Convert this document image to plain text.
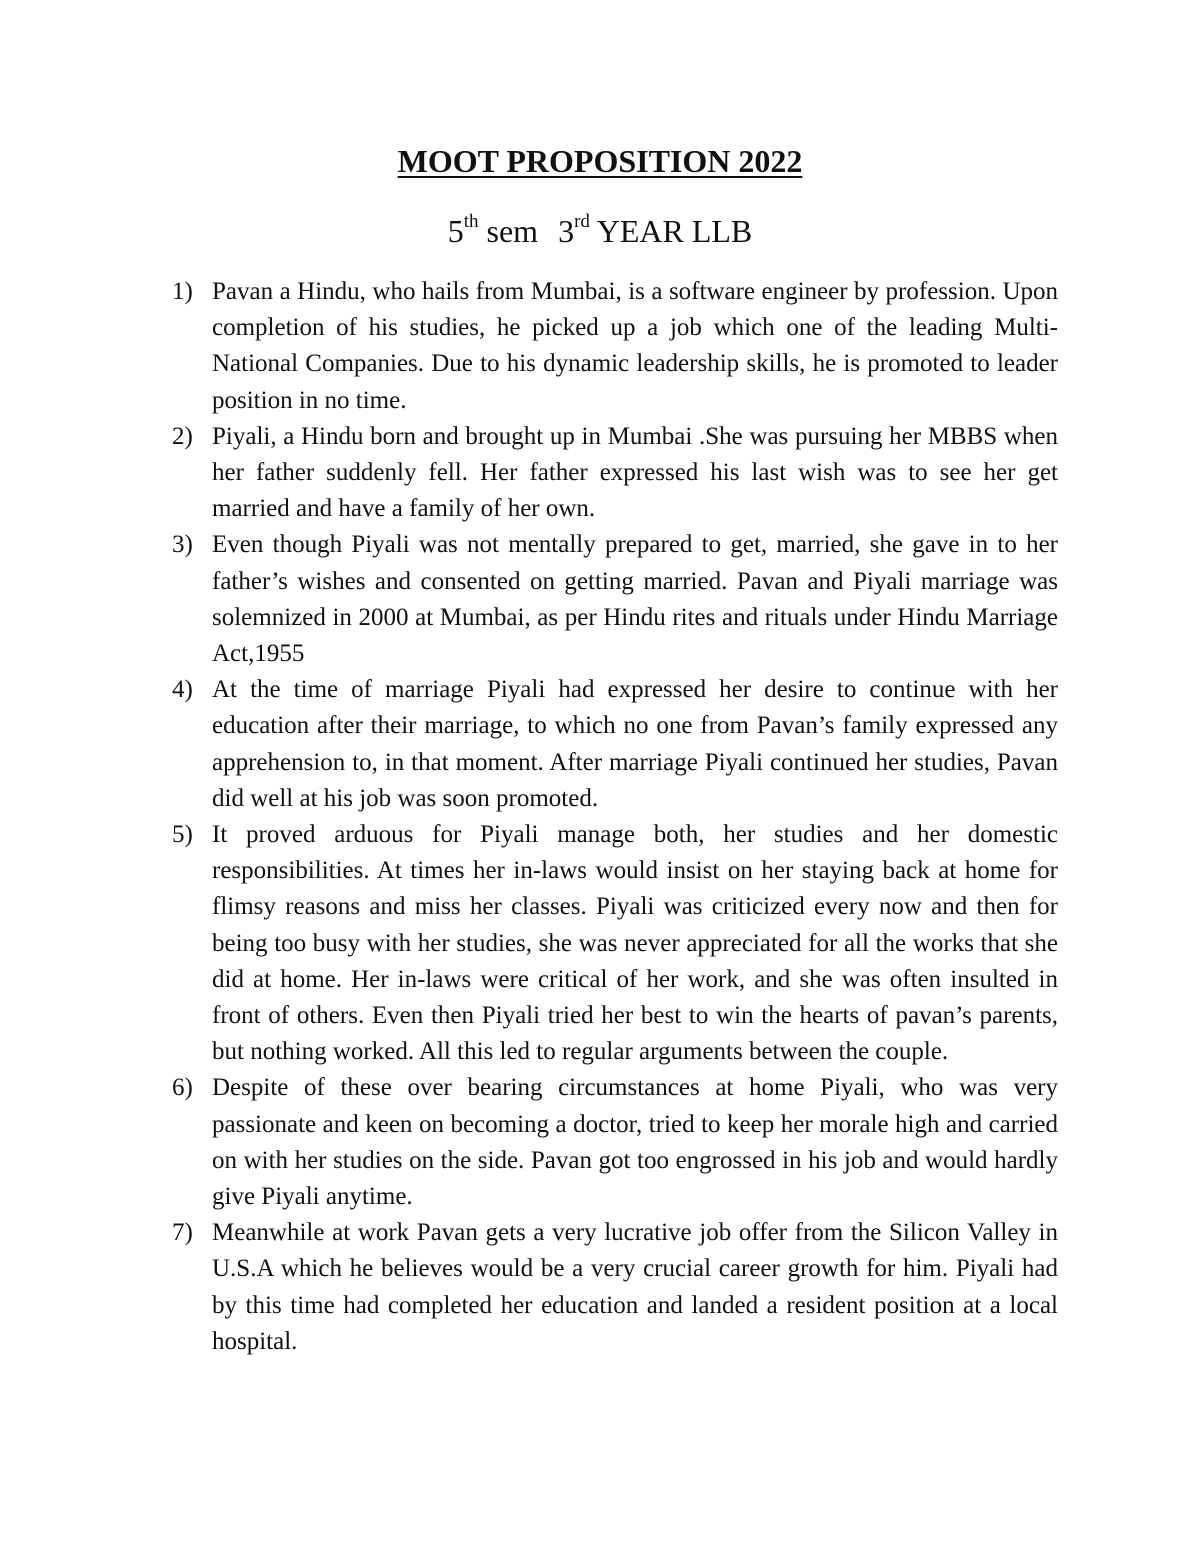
MOOT PROPOSITION 2022
5th sem 3rd YEAR LLB
1) Pavan a Hindu, who hails from Mumbai, is a software engineer by profession. Upon completion of his studies, he picked up a job which one of the leading Multi-National Companies. Due to his dynamic leadership skills, he is promoted to leader position in no time.
2) Piyali, a Hindu born and brought up in Mumbai .She was pursuing her MBBS when her father suddenly fell. Her father expressed his last wish was to see her get married and have a family of her own.
3) Even though Piyali was not mentally prepared to get, married, she gave in to her father’s wishes and consented on getting married. Pavan and Piyali marriage was solemnized in 2000 at Mumbai, as per Hindu rites and rituals under Hindu Marriage Act,1955
4) At the time of marriage Piyali had expressed her desire to continue with her education after their marriage, to which no one from Pavan’s family expressed any apprehension to, in that moment. After marriage Piyali continued her studies, Pavan did well at his job was soon promoted.
5) It proved arduous for Piyali manage both, her studies and her domestic responsibilities. At times her in-laws would insist on her staying back at home for flimsy reasons and miss her classes. Piyali was criticized every now and then for being too busy with her studies, she was never appreciated for all the works that she did at home. Her in-laws were critical of her work, and she was often insulted in front of others. Even then Piyali tried her best to win the hearts of pavan’s parents, but nothing worked. All this led to regular arguments between the couple.
6) Despite of these over bearing circumstances at home Piyali, who was very passionate and keen on becoming a doctor, tried to keep her morale high and carried on with her studies on the side. Pavan got too engrossed in his job and would hardly give Piyali anytime.
7) Meanwhile at work Pavan gets a very lucrative job offer from the Silicon Valley in U.S.A which he believes would be a very crucial career growth for him. Piyali had by this time had completed her education and landed a resident position at a local hospital.
